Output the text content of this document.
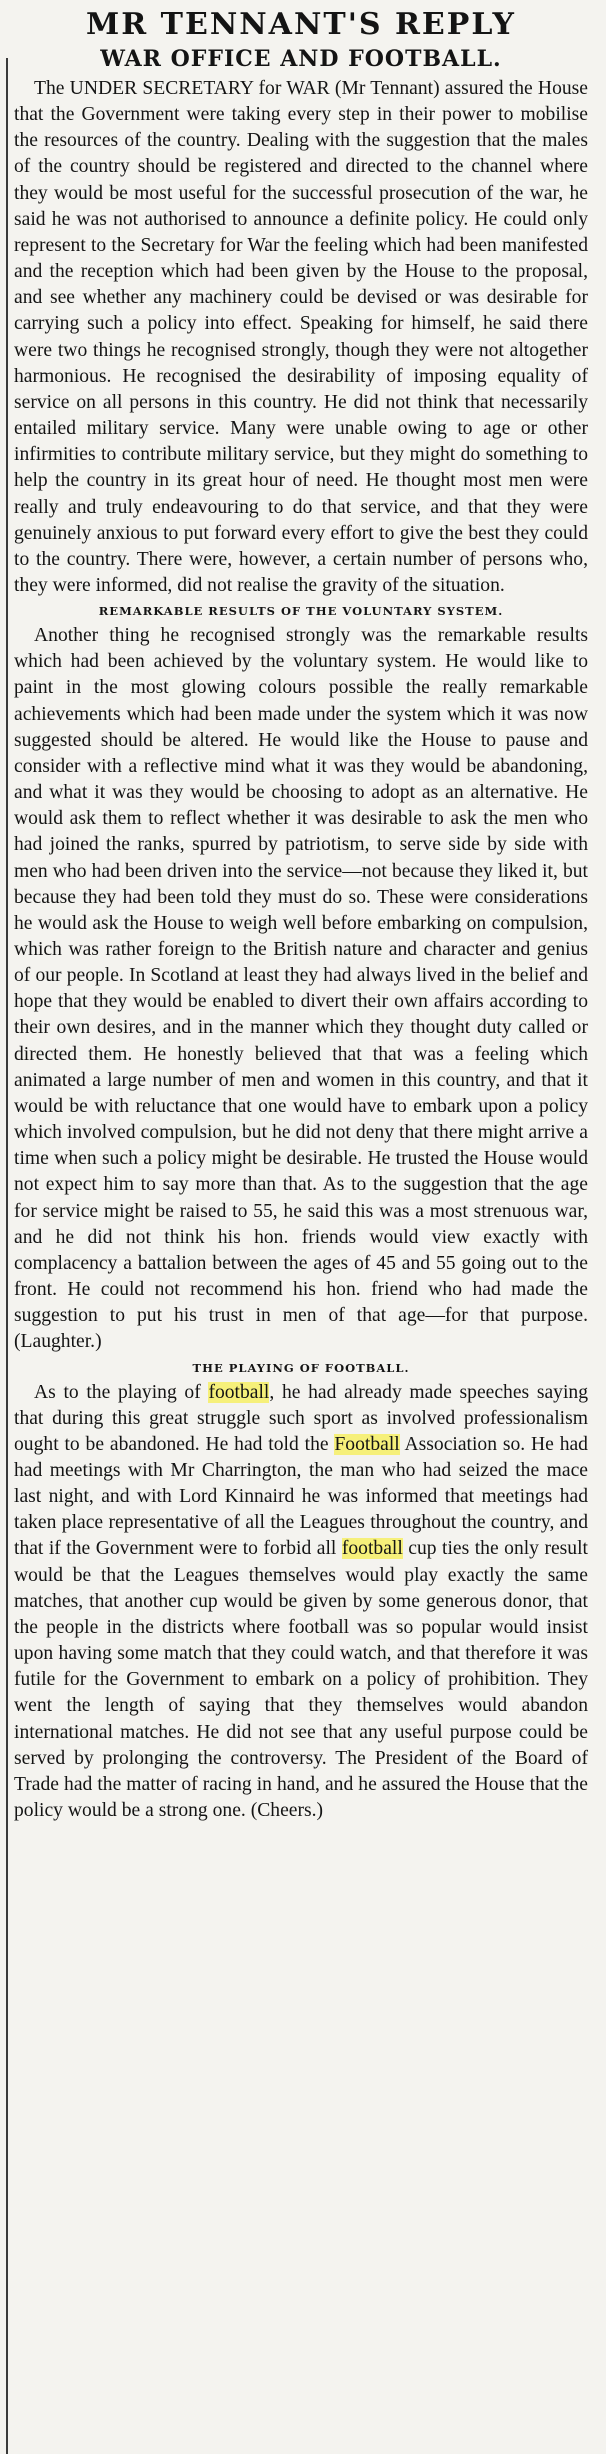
MR TENNANT'S REPLY
WAR OFFICE AND FOOTBALL.

The UNDER SECRETARY for WAR (Mr Tennant) assured the House that the Government were taking every step in their power to mobilise the resources of the country. Dealing with the suggestion that the males of the country should be registered and directed to the channel where they would be most useful for the successful prosecution of the war, he said he was not authorised to announce a definite policy. He could only represent to the Secretary for War the feeling which had been manifested and the reception which had been given by the House to the proposal, and see whether any machinery could be devised or was desirable for carrying such a policy into effect. Speaking for himself, he said there were two things he recognised strongly, though they were not altogether harmonious. He recognised the desirability of imposing equality of service on all persons in this country. He did not think that necessarily entailed military service. Many were unable owing to age or other infirmities to contribute military service, but they might do something to help the country in its great hour of need. He thought most men were really and truly endeavouring to do that service, and that they were genuinely anxious to put forward every effort to give the best they could to the country. There were, however, a certain number of persons who, they were informed, did not realise the gravity of the situation.

REMARKABLE RESULTS OF THE VOLUNTARY SYSTEM.

Another thing he recognised strongly was the remarkable results which had been achieved by the voluntary system. He would like to paint in the most glowing colours possible the really remarkable achievements which had been made under the system which it was now suggested should be altered. He would like the House to pause and consider with a reflective mind what it was they would be abandoning, and what it was they would be choosing to adopt as an alternative. He would ask them to reflect whether it was desirable to ask the men who had joined the ranks, spurred by patriotism, to serve side by side with men who had been driven into the service—not because they liked it, but because they had been told they must do so. These were considerations he would ask the House to weigh well before embarking on compulsion, which was rather foreign to the British nature and character and genius of our people. In Scotland at least they had always lived in the belief and hope that they would be enabled to divert their own affairs according to their own desires, and in the manner which they thought duty called or directed them. He honestly believed that that was a feeling which animated a large number of men and women in this country, and that it would be with reluctance that one would have to embark upon a policy which involved compulsion, but he did not deny that there might arrive a time when such a policy might be desirable. He trusted the House would not expect him to say more than that. As to the suggestion that the age for service might be raised to 55, he said this was a most strenuous war, and he did not think his hon. friends would view exactly with complacency a battalion between the ages of 45 and 55 going out to the front. He could not recommend his hon. friend who had made the suggestion to put his trust in men of that age—for that purpose. (Laughter.)

THE PLAYING OF FOOTBALL.

As to the playing of football, he had already made speeches saying that during this great struggle such sport as involved professionalism ought to be abandoned. He had told the Football Association so. He had had meetings with Mr Charrington, the man who had seized the mace last night, and with Lord Kinnaird he was informed that meetings had taken place representative of all the Leagues throughout the country, and that if the Government were to forbid all football cup ties the only result would be that the Leagues themselves would play exactly the same matches, that another cup would be given by some generous donor, that the people in the districts where football was so popular would insist upon having some match that they could watch, and that therefore it was futile for the Government to embark on a policy of prohibition. They went the length of saying that they themselves would abandon international matches. He did not see that any useful purpose could be served by prolonging the controversy. The President of the Board of Trade had the matter of racing in hand, and he assured the House that the policy would be a strong one. (Cheers.)
